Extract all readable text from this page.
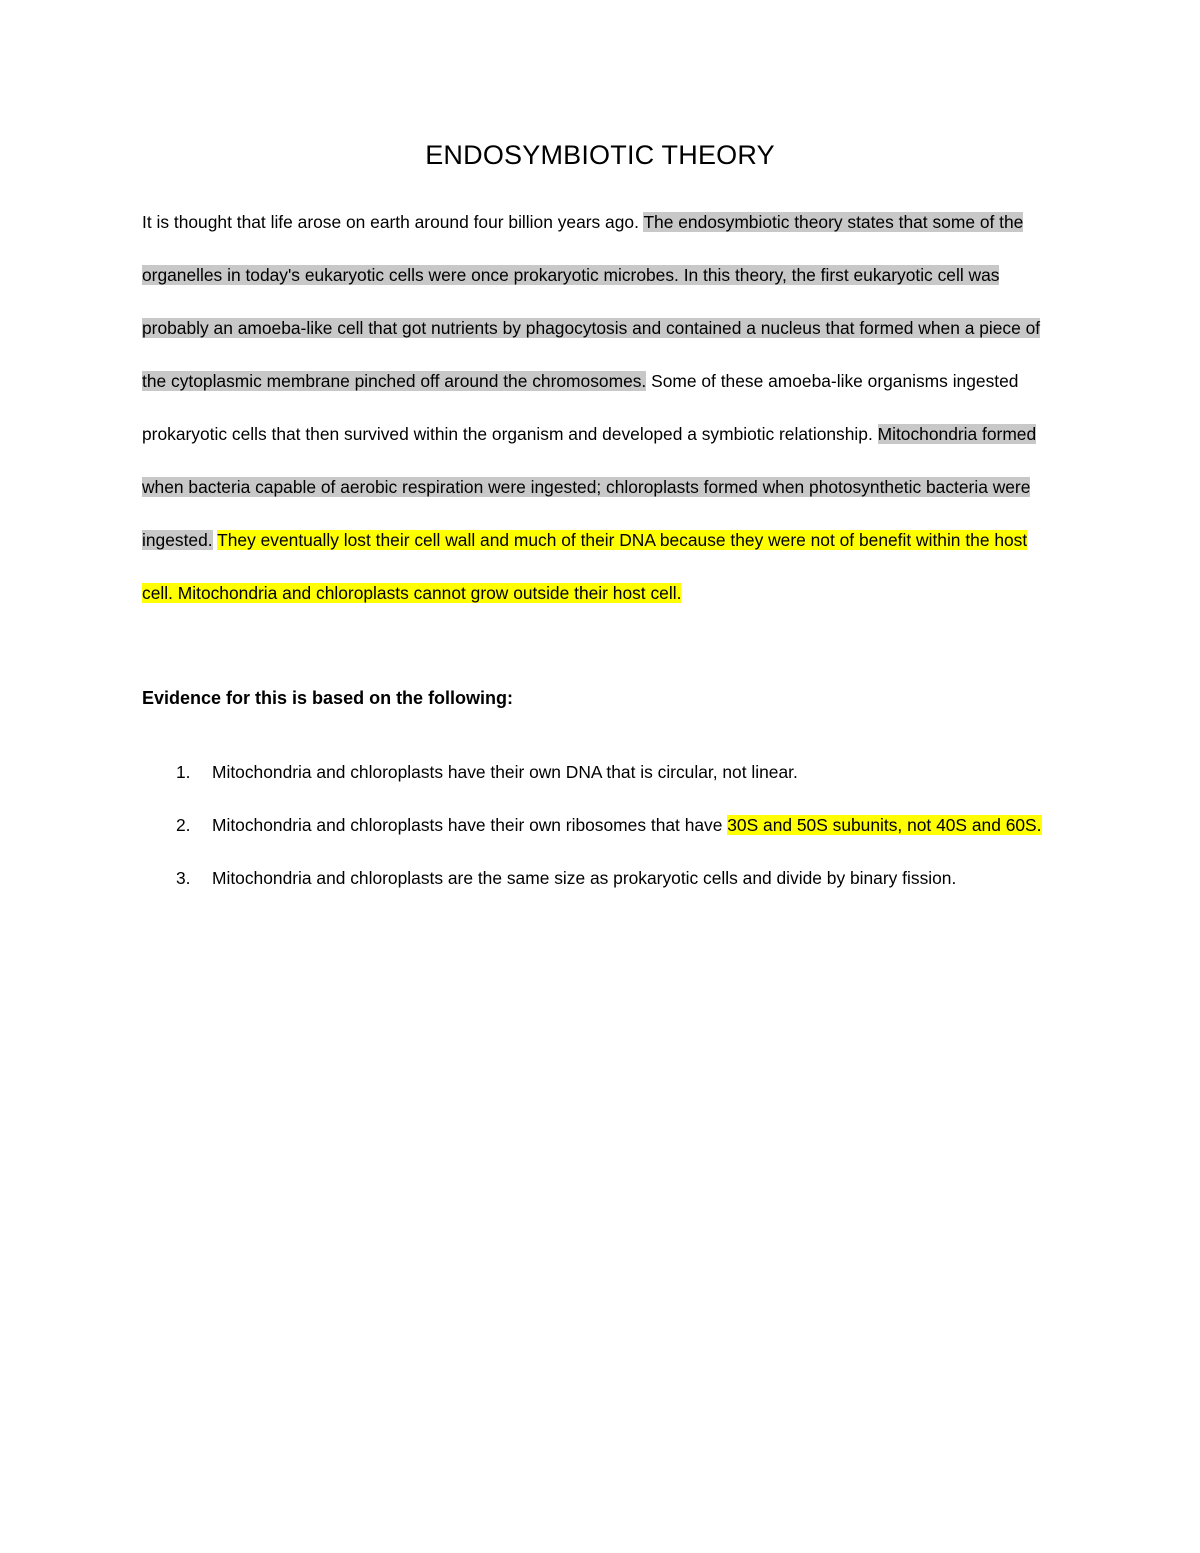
ENDOSYMBIOTIC THEORY

It is thought that life arose on earth around four billion years ago. The endosymbiotic theory states that some of the organelles in today's eukaryotic cells were once prokaryotic microbes. In this theory, the first eukaryotic cell was probably an amoeba-like cell that got nutrients by phagocytosis and contained a nucleus that formed when a piece of the cytoplasmic membrane pinched off around the chromosomes. Some of these amoeba-like organisms ingested prokaryotic cells that then survived within the organism and developed a symbiotic relationship. Mitochondria formed when bacteria capable of aerobic respiration were ingested; chloroplasts formed when photosynthetic bacteria were ingested. They eventually lost their cell wall and much of their DNA because they were not of benefit within the host cell. Mitochondria and chloroplasts cannot grow outside their host cell.

Evidence for this is based on the following:

1. Mitochondria and chloroplasts have their own DNA that is circular, not linear.
2. Mitochondria and chloroplasts have their own ribosomes that have 30S and 50S subunits, not 40S and 60S.
3. Mitochondria and chloroplasts are the same size as prokaryotic cells and divide by binary fission.
